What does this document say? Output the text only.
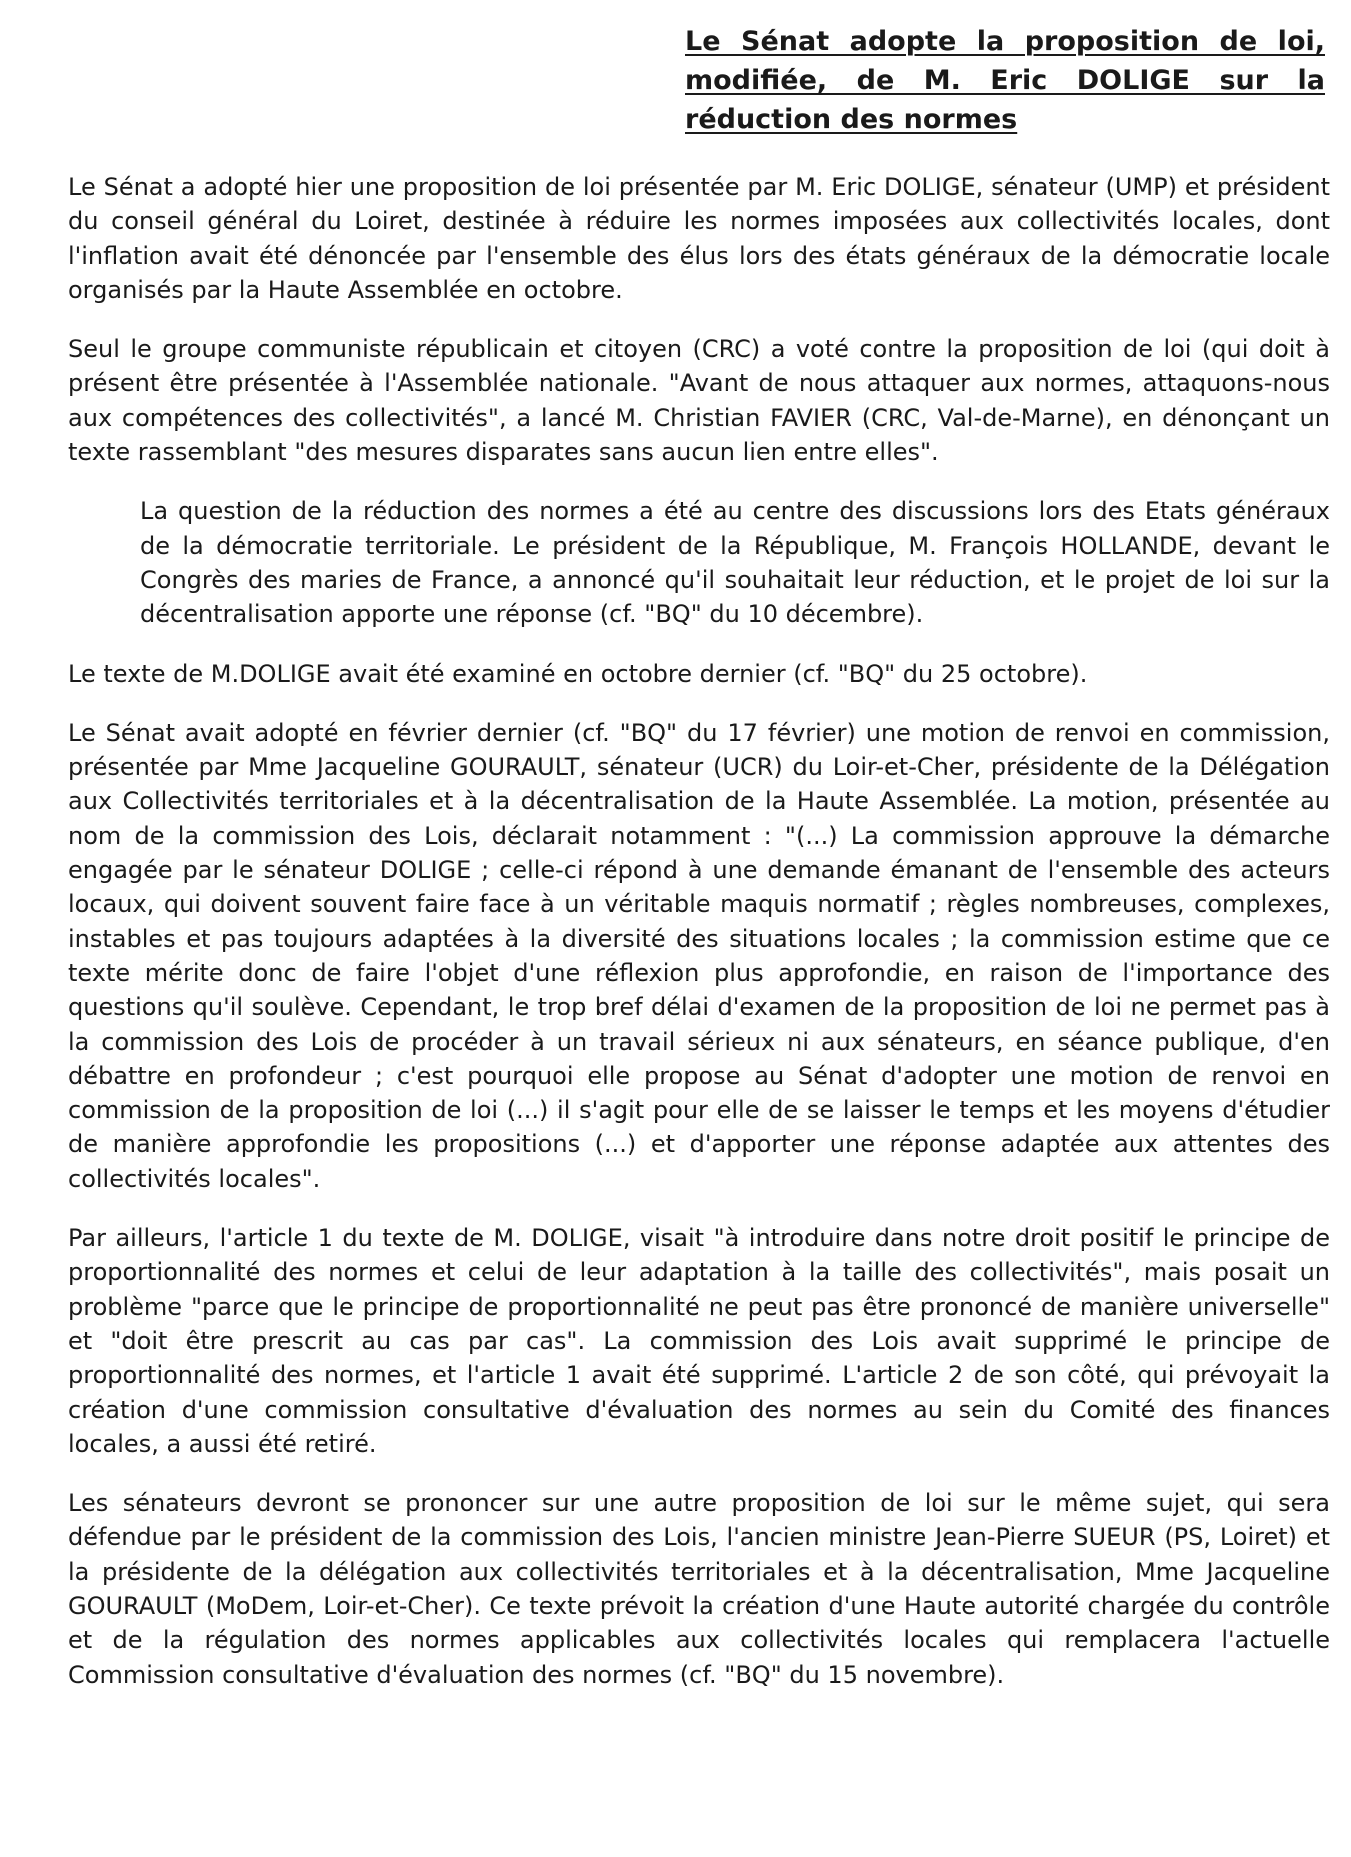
Le Sénat adopte la proposition de loi, modifiée, de M. Eric DOLIGE sur la réduction des normes

Le Sénat a adopté hier une proposition de loi présentée par M. Eric DOLIGE, sénateur (UMP) et président du conseil général du Loiret, destinée à réduire les normes imposées aux collectivités locales, dont l'inflation avait été dénoncée par l'ensemble des élus lors des états généraux de la démocratie locale organisés par la Haute Assemblée en octobre.

Seul le groupe communiste républicain et citoyen (CRC) a voté contre la proposition de loi (qui doit à présent être présentée à l'Assemblée nationale. "Avant de nous attaquer aux normes, attaquons-nous aux compétences des collectivités", a lancé M. Christian FAVIER (CRC, Val-de-Marne), en dénonçant un texte rassemblant "des mesures disparates sans aucun lien entre elles".

La question de la réduction des normes a été au centre des discussions lors des Etats généraux de la démocratie territoriale. Le président de la République, M. François HOLLANDE, devant le Congrès des maries de France, a annoncé qu'il souhaitait leur réduction, et le projet de loi sur la décentralisation apporte une réponse (cf. "BQ" du 10 décembre).

Le texte de M.DOLIGE avait été examiné en octobre dernier (cf. "BQ" du 25 octobre).

Le Sénat avait adopté en février dernier (cf. "BQ" du 17 février) une motion de renvoi en commission, présentée par Mme Jacqueline GOURAULT, sénateur (UCR) du Loir-et-Cher, présidente de la Délégation aux Collectivités territoriales et à la décentralisation de la Haute Assemblée. La motion, présentée au nom de la commission des Lois, déclarait notamment : "(...) La commission approuve la démarche engagée par le sénateur DOLIGE ; celle-ci répond à une demande émanant de l'ensemble des acteurs locaux, qui doivent souvent faire face à un véritable maquis normatif ; règles nombreuses, complexes, instables et pas toujours adaptées à la diversité des situations locales ; la commission estime que ce texte mérite donc de faire l'objet d'une réflexion plus approfondie, en raison de l'importance des questions qu'il soulève. Cependant, le trop bref délai d'examen de la proposition de loi ne permet pas à la commission des Lois de procéder à un travail sérieux ni aux sénateurs, en séance publique, d'en débattre en profondeur ; c'est pourquoi elle propose au Sénat d'adopter une motion de renvoi en commission de la proposition de loi (...) il s'agit pour elle de se laisser le temps et les moyens d'étudier de manière approfondie les propositions (...) et d'apporter une réponse adaptée aux attentes des collectivités locales".

Par ailleurs, l'article 1 du texte de M. DOLIGE, visait "à introduire dans notre droit positif le principe de proportionnalité des normes et celui de leur adaptation à la taille des collectivités", mais posait un problème "parce que le principe de proportionnalité ne peut pas être prononcé de manière universelle" et "doit être prescrit au cas par cas". La commission des Lois avait supprimé le principe de proportionnalité des normes, et l'article 1 avait été supprimé. L'article 2 de son côté, qui prévoyait la création d'une commission consultative d'évaluation des normes au sein du Comité des finances locales, a aussi été retiré.

Les sénateurs devront se prononcer sur une autre proposition de loi sur le même sujet, qui sera défendue par le président de la commission des Lois, l'ancien ministre Jean-Pierre SUEUR (PS, Loiret) et la présidente de la délégation aux collectivités territoriales et à la décentralisation, Mme Jacqueline GOURAULT (MoDem, Loir-et-Cher). Ce texte prévoit la création d'une Haute autorité chargée du contrôle et de la régulation des normes applicables aux collectivités locales qui remplacera l'actuelle Commission consultative d'évaluation des normes (cf. "BQ" du 15 novembre).
